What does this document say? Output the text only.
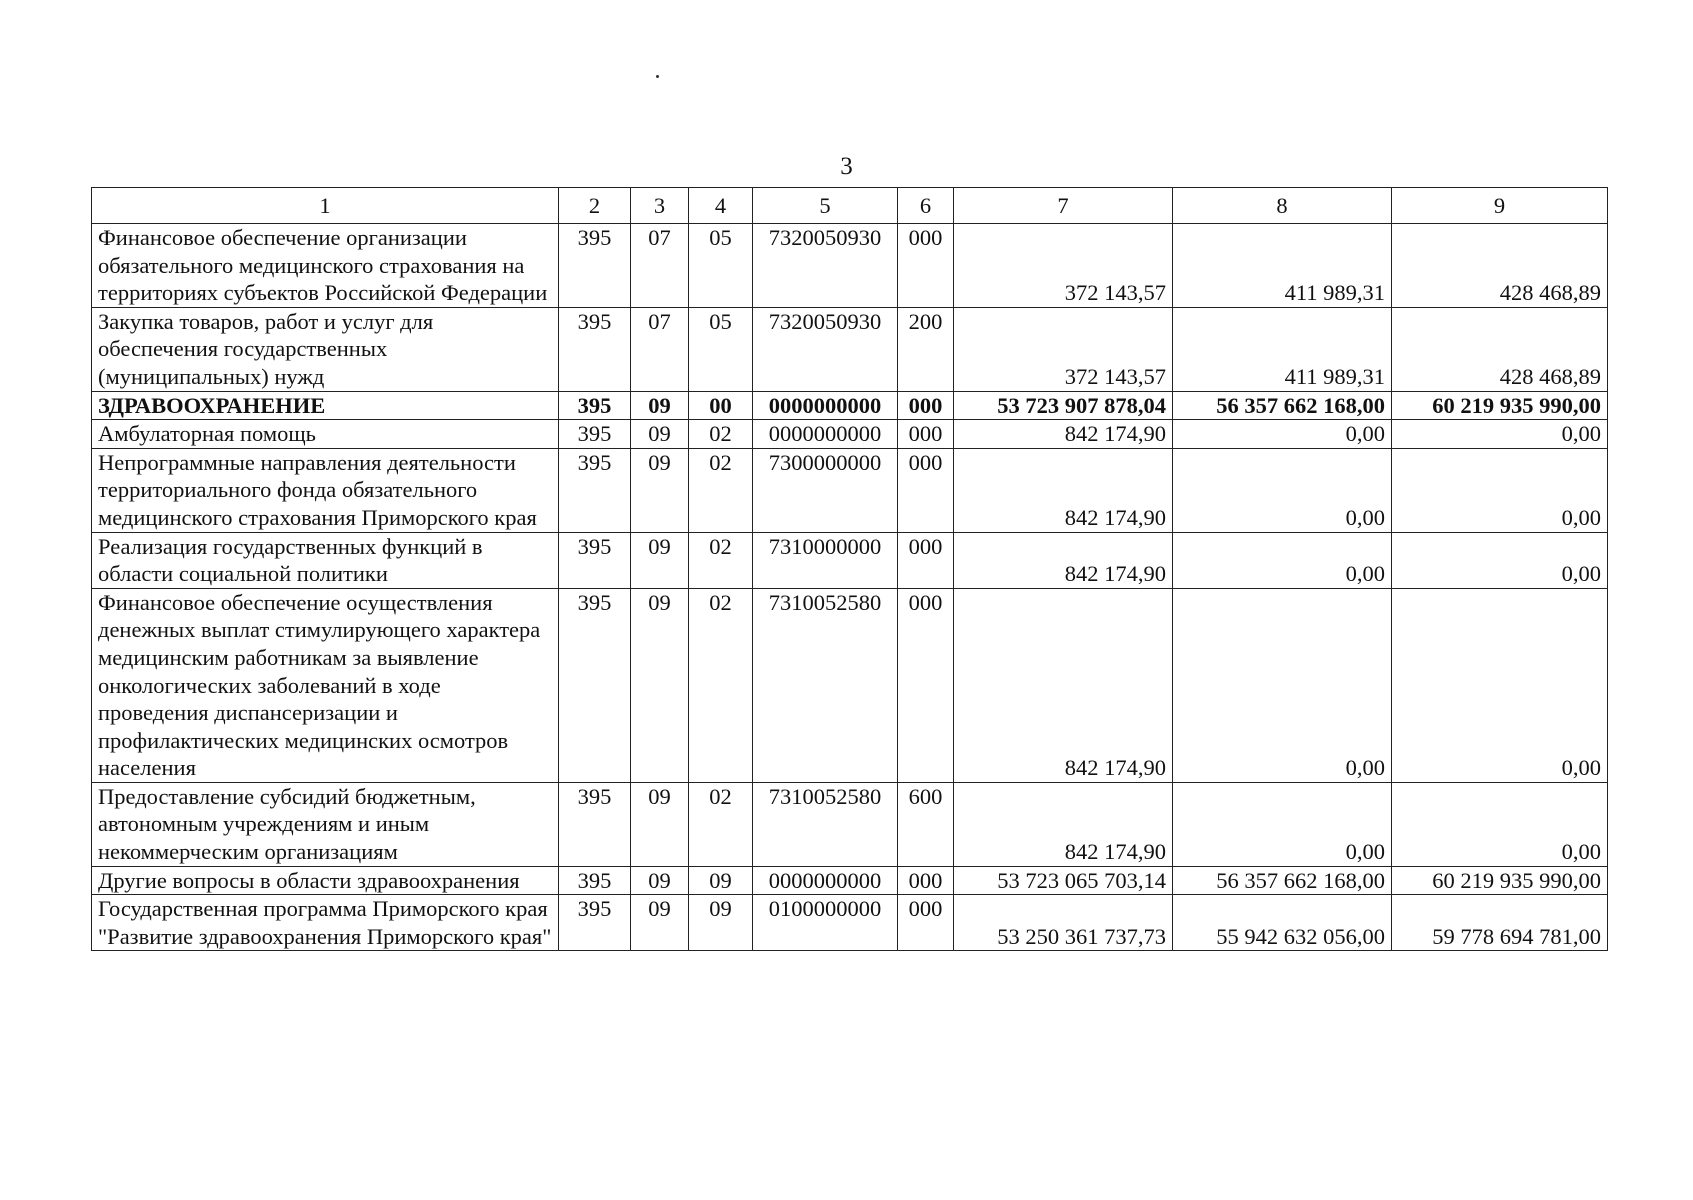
3
1	2	3	4	5	6	7	8	9
Финансовое обеспечение организации обязательного медицинского страхования на территориях субъектов Российской Федерации	395	07	05	7320050930	000	372 143,57	411 989,31	428 468,89
Закупка товаров, работ и услуг для обеспечения государственных (муниципальных) нужд	395	07	05	7320050930	200	372 143,57	411 989,31	428 468,89
ЗДРАВООХРАНЕНИЕ	395	09	00	0000000000	000	53 723 907 878,04	56 357 662 168,00	60 219 935 990,00
Амбулаторная помощь	395	09	02	0000000000	000	842 174,90	0,00	0,00
Непрограммные направления деятельности территориального фонда обязательного медицинского страхования Приморского края	395	09	02	7300000000	000	842 174,90	0,00	0,00
Реализация государственных функций в области социальной политики	395	09	02	7310000000	000	842 174,90	0,00	0,00
Финансовое обеспечение осуществления денежных выплат стимулирующего характера медицинским работникам за выявление онкологических заболеваний в ходе проведения диспансеризации и профилактических медицинских осмотров населения	395	09	02	7310052580	000	842 174,90	0,00	0,00
Предоставление субсидий бюджетным, автономным учреждениям и иным некоммерческим организациям	395	09	02	7310052580	600	842 174,90	0,00	0,00
Другие вопросы в области здравоохранения	395	09	09	0000000000	000	53 723 065 703,14	56 357 662 168,00	60 219 935 990,00
Государственная программа Приморского края "Развитие здравоохранения Приморского края"	395	09	09	0100000000	000	53 250 361 737,73	55 942 632 056,00	59 778 694 781,00
